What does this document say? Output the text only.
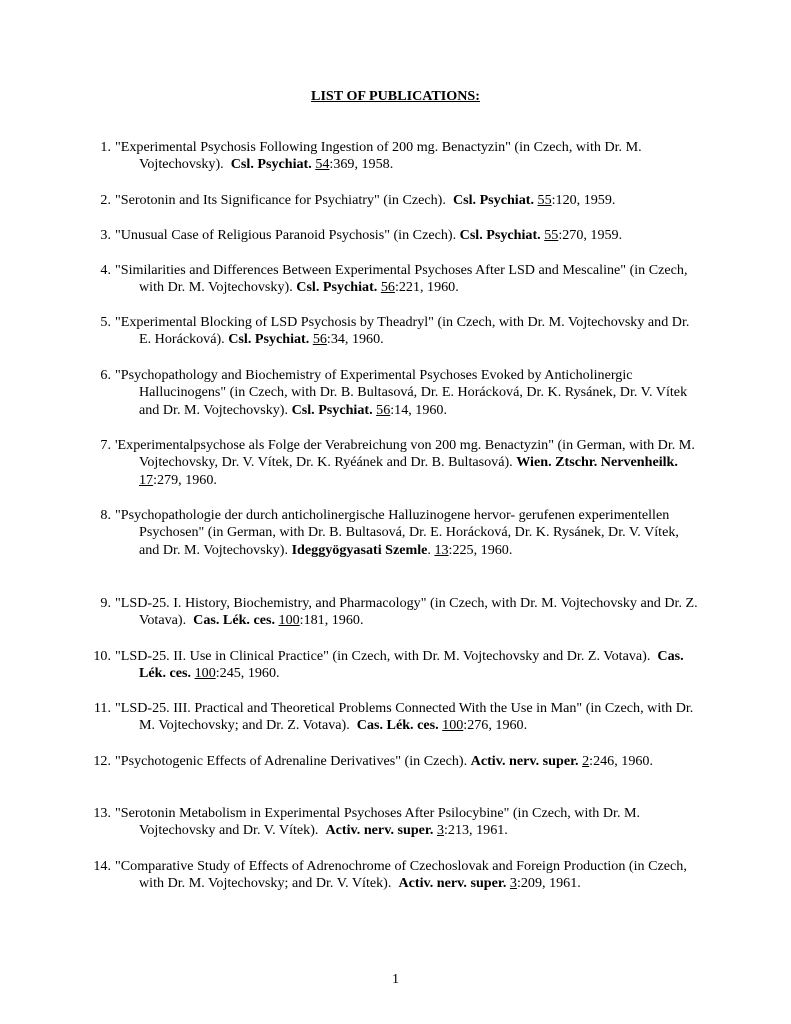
LIST OF PUBLICATIONS:

1. "Experimental Psychosis Following Ingestion of 200 mg. Benactyzin" (in Czech, with Dr. M. Vojtechovsky). Csl. Psychiat. 54:369, 1958.

2. "Serotonin and Its Significance for Psychiatry" (in Czech). Csl. Psychiat. 55:120, 1959.

3. "Unusual Case of Religious Paranoid Psychosis" (in Czech). Csl. Psychiat. 55:270, 1959.

4. "Similarities and Differences Between Experimental Psychoses After LSD and Mescaline" (in Czech, with Dr. M. Vojtechovsky). Csl. Psychiat. 56:221, 1960.

5. "Experimental Blocking of LSD Psychosis by Theadryl" (in Czech, with Dr. M. Vojtechovsky and Dr. E. Horácková). Csl. Psychiat. 56:34, 1960.

6. "Psychopathology and Biochemistry of Experimental Psychoses Evoked by Anticholinergic Hallucinogens" (in Czech, with Dr. B. Bultasová, Dr. E. Horácková, Dr. K. Rysánek, Dr. V. Vítek and Dr. M. Vojtechovsky). Csl. Psychiat. 56:14, 1960.

7. 'Experimentalpsychose als Folge der Verabreichung von 200 mg. Benactyzin" (in German, with Dr. M. Vojtechovsky, Dr. V. Vítek, Dr. K. Ryéánek and Dr. B. Bultasová). Wien. Ztschr. Nervenheilk. 17:279, 1960.

8. "Psychopathologie der durch anticholinergische Halluzinogene hervor- gerufenen experimentellen Psychosen" (in German, with Dr. B. Bultasová, Dr. E. Horácková, Dr. K. Rysánek, Dr. V. Vítek, and Dr. M. Vojtechovsky). Ideggyögyasati Szemle. 13:225, 1960.

9. "LSD-25. I. History, Biochemistry, and Pharmacology" (in Czech, with Dr. M. Vojtechovsky and Dr. Z. Votava). Cas. Lék. ces. 100:181, 1960.

10. "LSD-25. II. Use in Clinical Practice" (in Czech, with Dr. M. Vojtechovsky and Dr. Z. Votava). Cas. Lék. ces. 100:245, 1960.

11. "LSD-25. III. Practical and Theoretical Problems Connected With the Use in Man" (in Czech, with Dr. M. Vojtechovsky; and Dr. Z. Votava). Cas. Lék. ces. 100:276, 1960.

12. "Psychotogenic Effects of Adrenaline Derivatives" (in Czech). Activ. nerv. super. 2:246, 1960.

13. "Serotonin Metabolism in Experimental Psychoses After Psilocybine" (in Czech, with Dr. M. Vojtechovsky and Dr. V. Vítek). Activ. nerv. super. 3:213, 1961.

14. "Comparative Study of Effects of Adrenochrome of Czechoslovak and Foreign Production (in Czech, with Dr. M. Vojtechovsky; and Dr. V. Vítek). Activ. nerv. super. 3:209, 1961.

1
